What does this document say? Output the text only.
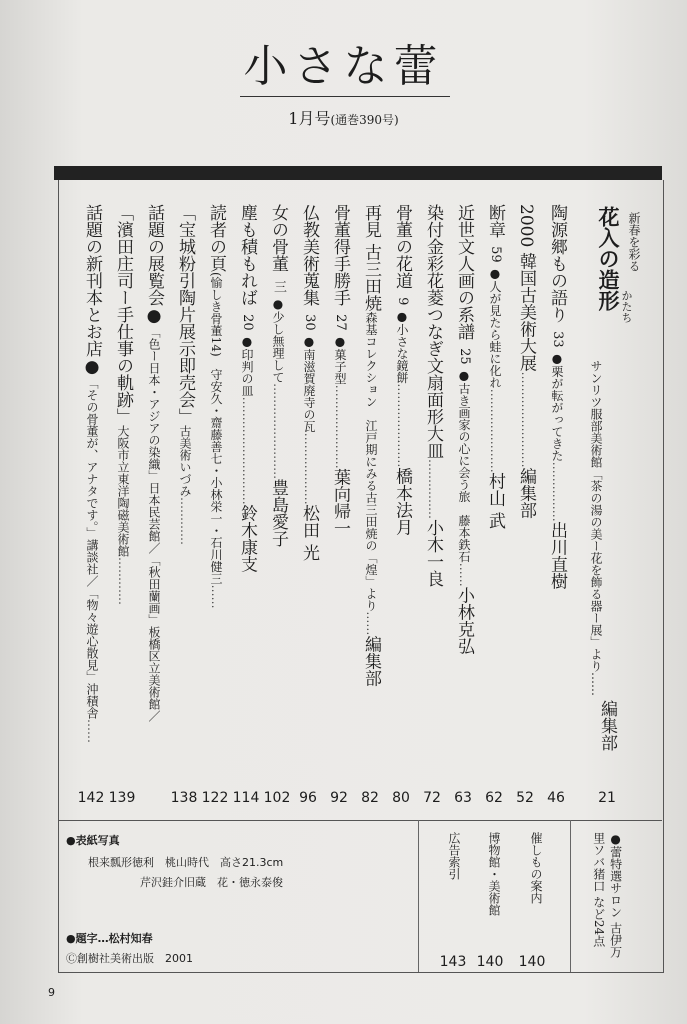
小さな蕾
1月号(通巻390号)
新春を彩る
花入の造形 かたち
サンリツ服部美術館「茶の湯の美ー花を飾る器ー展」より……
編集部
21
陶源郷もの語り 33●栗が転がってきた……………出川直樹
46
2000 韓国古美術大展……………………編集部
52
断章 59●人が見たら蛙に化れ…………………村山 武
62
近世文人画の系譜 25●古き画家の心に会う旅　藤本鉄石……小林克弘
63
染付金彩花菱つなぎ文扇面形大皿……………小木一良
72
骨董の花道 9●小さな鏡餅…………………橋本法月
80
再見 古三田焼森基コレクション　江戸期にみる古三田焼の「煌」より……編集部
82
骨董得手勝手 27●菓子型…………………葉向帰一
92
仏教美術蒐集 30●南滋賀廃寺の瓦………………松田 光
96
女の骨董 三●少し無理して……………………豊島愛子
102
塵も積もれば 20●印判の皿………………………鈴木康支
114
読者の頁(愉しき骨董14)　守安久・齋藤善七・小林栄一・石川健三……
122
「宝城粉引陶片展示即売会」古美術いづみ…………
138
話題の展覧会●「色ー日本・アジアの染織」日本民芸館／「秋田蘭画」板橋区立美術館／
「濱田庄司ー手仕事の軌跡」大阪市立東洋陶磁美術館…………
139
話題の新刊本とお店●「その骨董が、アナタです。」講談社／「物々遊心散見」沖積舎……
142
●表紙写真
根来瓢形徳利　桃山時代　高さ21.3cm
芹沢銈介旧蔵　花・徳永泰俊
●題字…松村知春
Ⓒ創樹社美術出版　2001
催しもの案内
140
博物館・美術館
140
広告索引
143
●蕾特選サロン 古伊万里ソバ猪口 など24点
9
